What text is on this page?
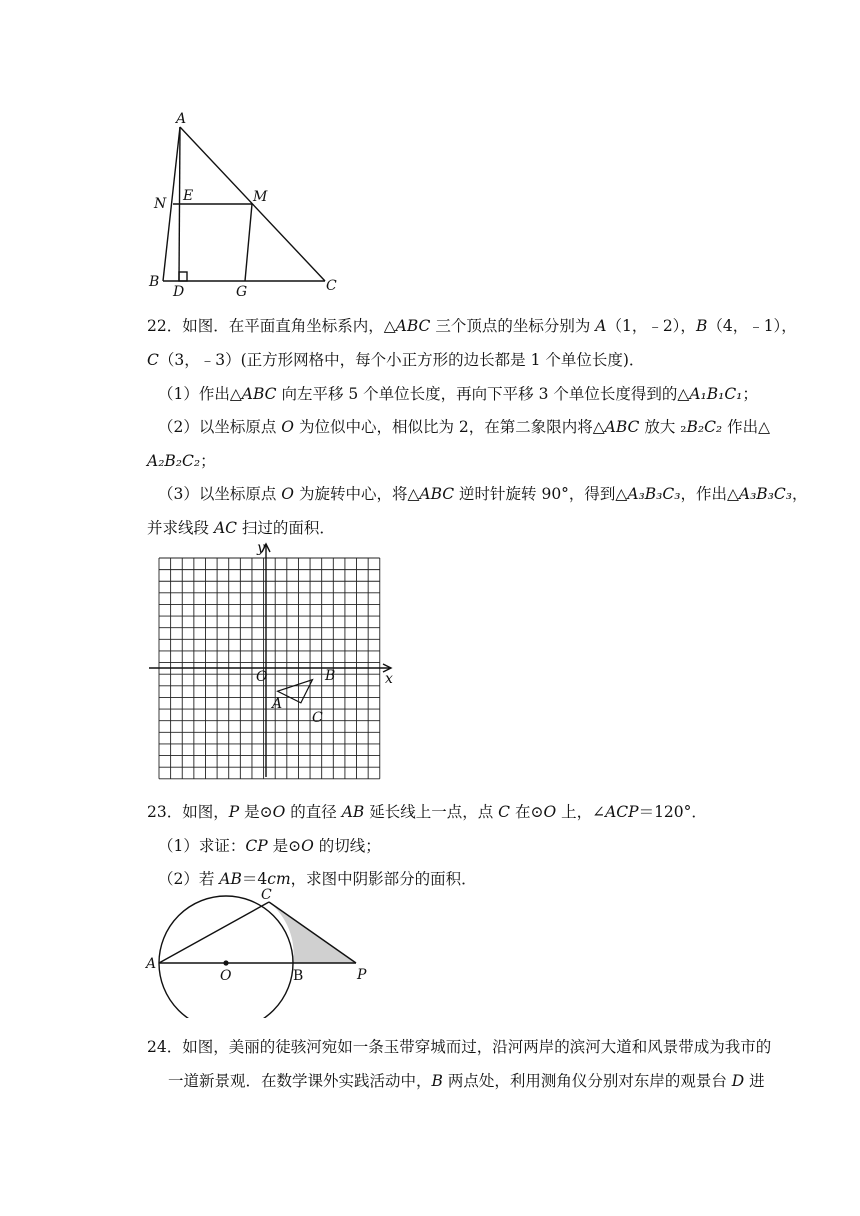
A
N E	M
B
D	G	C
22．如图．在平面直角坐标系内，△ABC 三个顶点的坐标分别为 A（1，﹣2），B（4，﹣1），
C（3，﹣3）(正方形网格中，每个小正方形的边长都是 1 个单位长度)．
（1）作出△ABC 向左平移 5 个单位长度，再向下平移 3 个单位长度得到的△A₁B₁C₁；
（2）以坐标原点 O 为位似中心，相似比为 2，在第二象限内将△ABC 放大 ₂B₂C₂ 作出△
A₂B₂C₂；
（3）以坐标原点 O 为旋转中心，将△ABC 逆时针旋转 90°，得到△A₃B₃C₃，作出△A₃B₃C₃，
并求线段 AC 扫过的面积．
y
x
O
A
B
C
23．如图，P 是⊙O 的直径 AB 延长线上一点，点 C 在⊙O 上，∠ACP＝120°．
（1）求证：CP 是⊙O 的切线；
（2）若 AB＝4cm，求图中阴影部分的面积．
A
O	B
C
P
24．如图，美丽的徒骇河宛如一条玉带穿城而过，沿河两岸的滨河大道和风景带成为我市的
一道新景观．在数学课外实践活动中，B 两点处，利用测角仪分别对东岸的观景台 D 进
